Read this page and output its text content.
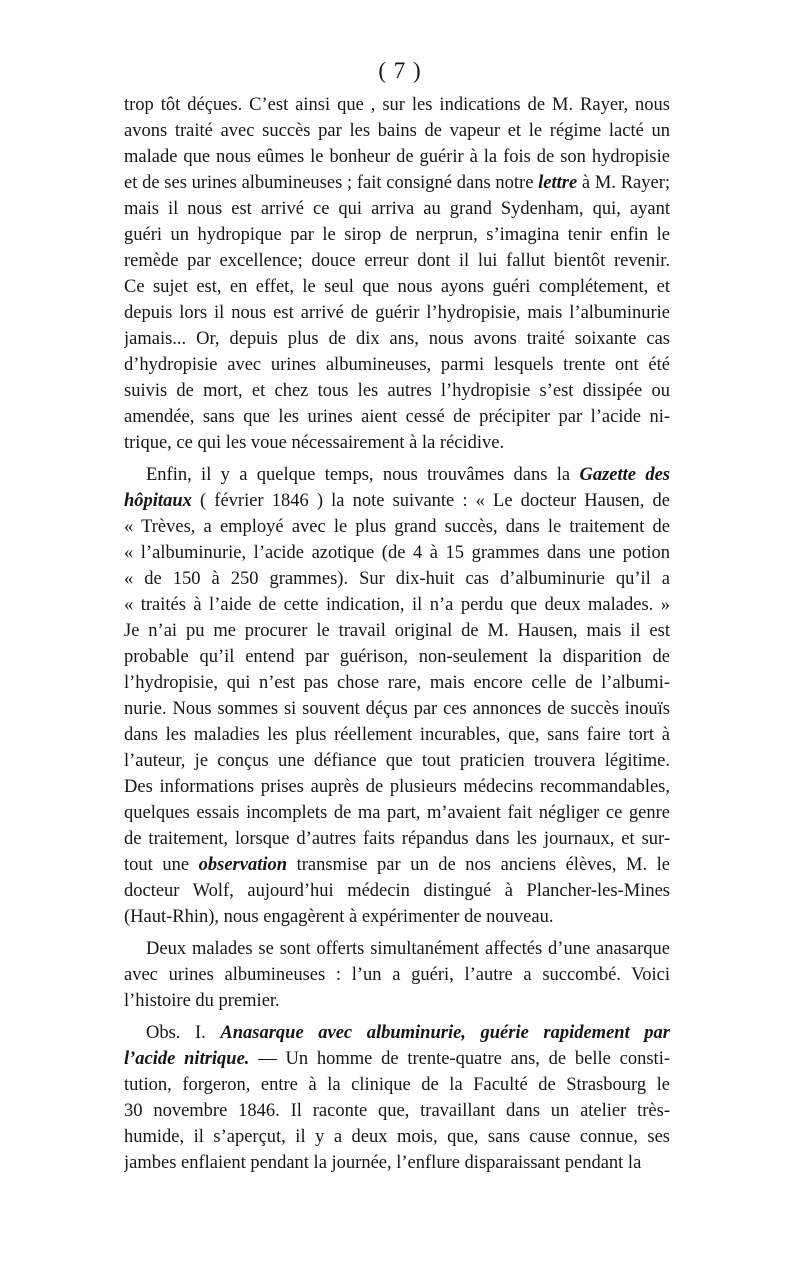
( 7 )
trop tôt déçues. C’est ainsi que , sur les indications de M. Rayer, nous
avons traité avec succès par les bains de vapeur et le régime lacté un
malade que nous eûmes le bonheur de guérir à la fois de son hydropisie
et de ses urines albumineuses ; fait consigné dans notre lettre à M. Rayer;
mais il nous est arrivé ce qui arriva au grand Sydenham, qui, ayant
guéri un hydropique par le sirop de nerprun, s’imagina tenir enfin le
remède par excellence; douce erreur dont il lui fallut bientôt revenir.
Ce sujet est, en effet, le seul que nous ayons guéri complétement, et
depuis lors il nous est arrivé de guérir l’hydropisie, mais l’albuminurie
jamais... Or, depuis plus de dix ans, nous avons traité soixante cas
d’hydropisie avec urines albumineuses, parmi lesquels trente ont été
suivis de mort, et chez tous les autres l’hydropisie s’est dissipée ou
amendée, sans que les urines aient cessé de précipiter par l’acide ni-
trique, ce qui les voue nécessairement à la récidive.
Enfin, il y a quelque temps, nous trouvâmes dans la Gazette des
hôpitaux ( février 1846 ) la note suivante : « Le docteur Hausen, de
« Trèves, a employé avec le plus grand succès, dans le traitement de
« l’albuminurie, l’acide azotique (de 4 à 15 grammes dans une potion
« de 150 à 250 grammes). Sur dix-huit cas d’albuminurie qu’il a
« traités à l’aide de cette indication, il n’a perdu que deux malades. »
Je n’ai pu me procurer le travail original de M. Hausen, mais il est
probable qu’il entend par guérison, non-seulement la disparition de
l’hydropisie, qui n’est pas chose rare, mais encore celle de l’albumi-
nurie. Nous sommes si souvent déçus par ces annonces de succès inouïs
dans les maladies les plus réellement incurables, que, sans faire tort à
l’auteur, je conçus une défiance que tout praticien trouvera légitime.
Des informations prises auprès de plusieurs médecins recommandables,
quelques essais incomplets de ma part, m’avaient fait négliger ce genre
de traitement, lorsque d’autres faits répandus dans les journaux, et sur-
tout une observation transmise par un de nos anciens élèves, M. le
docteur Wolf, aujourd’hui médecin distingué à Plancher-les-Mines
(Haut-Rhin), nous engagèrent à expérimenter de nouveau.
Deux malades se sont offerts simultanément affectés d’une anasarque
avec urines albumineuses : l’un a guéri, l’autre a succombé. Voici
l’histoire du premier.
Obs. I. Anasarque avec albuminurie, guérie rapidement par
l’acide nitrique. — Un homme de trente-quatre ans, de belle consti-
tution, forgeron, entre à la clinique de la Faculté de Strasbourg le
30 novembre 1846. Il raconte que, travaillant dans un atelier très-
humide, il s’aperçut, il y a deux mois, que, sans cause connue, ses
jambes enflaient pendant la journée, l’enflure disparaissant pendant la
